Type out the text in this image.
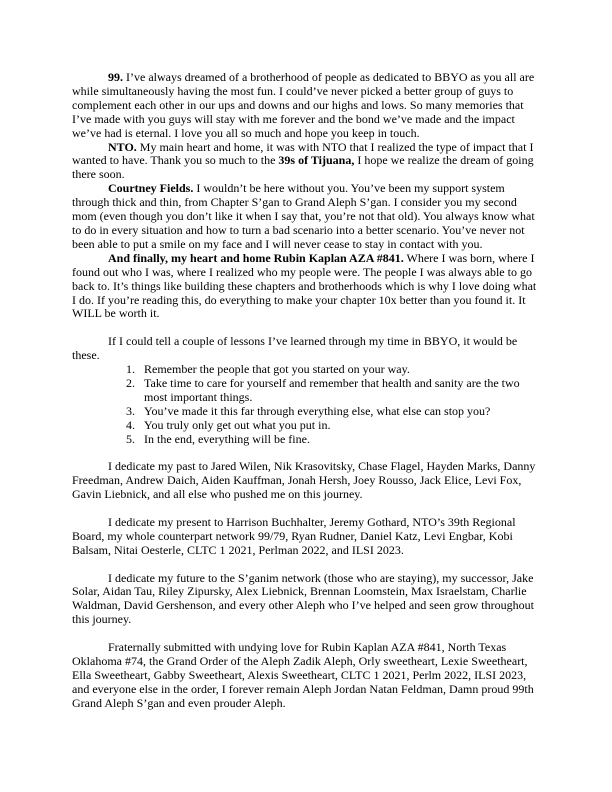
99. I’ve always dreamed of a brotherhood of people as dedicated to BBYO as you all are while simultaneously having the most fun. I could’ve never picked a better group of guys to complement each other in our ups and downs and our highs and lows. So many memories that I’ve made with you guys will stay with me forever and the bond we’ve made and the impact we’ve had is eternal. I love you all so much and hope you keep in touch.

NTO. My main heart and home, it was with NTO that I realized the type of impact that I wanted to have. Thank you so much to the 39s of Tijuana, I hope we realize the dream of going there soon.

Courtney Fields. I wouldn’t be here without you. You’ve been my support system through thick and thin, from Chapter S’gan to Grand Aleph S’gan. I consider you my second mom (even though you don’t like it when I say that, you’re not that old). You always know what to do in every situation and how to turn a bad scenario into a better scenario. You’ve never not been able to put a smile on my face and I will never cease to stay in contact with you.

And finally, my heart and home Rubin Kaplan AZA #841. Where I was born, where I found out who I was, where I realized who my people were. The people I was always able to go back to. It’s things like building these chapters and brotherhoods which is why I love doing what I do. If you’re reading this, do everything to make your chapter 10x better than you found it. It WILL be worth it.

If I could tell a couple of lessons I’ve learned through my time in BBYO, it would be these.

1. Remember the people that got you started on your way.
2. Take time to care for yourself and remember that health and sanity are the two most important things.
3. You’ve made it this far through everything else, what else can stop you?
4. You truly only get out what you put in.
5. In the end, everything will be fine.

I dedicate my past to Jared Wilen, Nik Krasovitsky, Chase Flagel, Hayden Marks, Danny Freedman, Andrew Daich, Aiden Kauffman, Jonah Hersh, Joey Rousso, Jack Elice, Levi Fox, Gavin Liebnick, and all else who pushed me on this journey.

I dedicate my present to Harrison Buchhalter, Jeremy Gothard, NTO’s 39th Regional Board, my whole counterpart network 99/79, Ryan Rudner, Daniel Katz, Levi Engbar, Kobi Balsam, Nitai Oesterle, CLTC 1 2021, Perlman 2022, and ILSI 2023.

I dedicate my future to the S’ganim network (those who are staying), my successor, Jake Solar, Aidan Tau, Riley Zipursky, Alex Liebnick, Brennan Loomstein, Max Israelstam, Charlie Waldman, David Gershenson, and every other Aleph who I’ve helped and seen grow throughout this journey.

Fraternally submitted with undying love for Rubin Kaplan AZA #841, North Texas Oklahoma #74, the Grand Order of the Aleph Zadik Aleph, Orly sweetheart, Lexie Sweetheart, Ella Sweetheart, Gabby Sweetheart, Alexis Sweetheart, CLTC 1 2021, Perlm 2022, ILSI 2023, and everyone else in the order, I forever remain Aleph Jordan Natan Feldman, Damn proud 99th Grand Aleph S’gan and even prouder Aleph.
